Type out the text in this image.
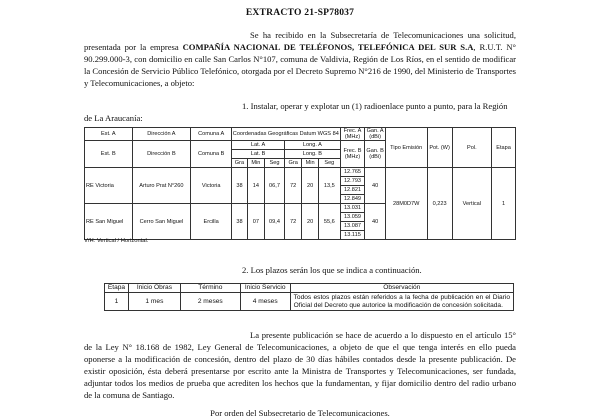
EXTRACTO 21-SP78037

Se ha recibido en la Subsecretaría de Telecomunicaciones una solicitud, presentada por la empresa COMPAÑÍA NACIONAL DE TELÉFONOS, TELEFÓNICA DEL SUR S.A, R.U.T. N° 90.299.000-3, con domicilio en calle San Carlos N°107, comuna de Valdivia, Región de Los Ríos, en el sentido de modificar la Concesión de Servicio Público Telefónico, otorgada por el Decreto Supremo N°216 de 1990, del Ministerio de Transportes y Telecomunicaciones, a objeto:

1. Instalar, operar y explotar un (1) radioenlace punto a punto, para la Región de La Araucanía:

Est. A	Dirección A	Comuna A	Coordenadas Geográficas Datum WGS 84						Frec. A (MHz)	Gan. A (dBi)	Tipo Emisión	Pot. (W)	Pol.	Etapa

Est. B	Dirección B	Comuna B	Lat. A			Long. A			Frec. B (MHz)	Gan. B (dBi)				
			Lat. B			Long. B								
			Gra	Min	Seg	Gra	Min	Seg						

RE Victoria	Arturo Prat N°260	Victoria	38	14	06,7	72	20	13,5	12.765	40	28M0D7W	0,223	Vertical	1
									12.793					
									12.821					
									12.849					
RE San Miguel	Cerro San Miguel	Ercilla	38	07	09,4	72	20	55,6	13.031	40				
									13.059					
									13.087					
									13.115					
V/H: Vertical / Horizontal.

2. Los plazos serán los que se indica a continuación.

Etapa	Inicio Obras	Término	Inicio Servicio	Observación
1	1 mes	2 meses	4 meses	Todos estos plazos están referidos a la fecha de publicación en el Diario Oficial del Decreto que autorice la modificación de concesión solicitada.

La presente publicación se hace de acuerdo a lo dispuesto en el artículo 15° de la Ley N° 18.168 de 1982, Ley General de Telecomunicaciones, a objeto de que el que tenga interés en ello pueda oponerse a la modificación de concesión, dentro del plazo de 30 días hábiles contados desde la presente publicación. De existir oposición, ésta deberá presentarse por escrito ante la Ministra de Transportes y Telecomunicaciones, ser fundada, adjuntar todos los medios de prueba que acrediten los hechos que la fundamentan, y fijar domicilio dentro del radio urbano de la comuna de Santiago.

Por orden del Subsecretario de Telecomunicaciones.
